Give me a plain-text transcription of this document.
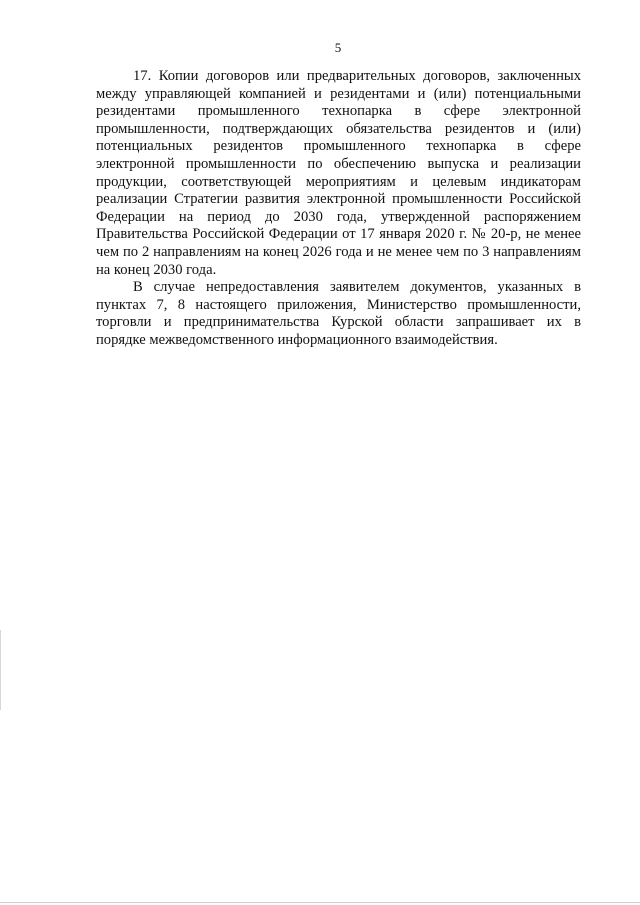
5
17. Копии договоров или предварительных договоров, заключенных
между управляющей компанией и резидентами и (или) потенциальными
резидентами промышленного технопарка в сфере электронной
промышленности, подтверждающих обязательства резидентов и (или)
потенциальных резидентов промышленного технопарка в сфере
электронной промышленности по обеспечению выпуска и реализации
продукции, соответствующей мероприятиям и целевым индикаторам
реализации Стратегии развития электронной промышленности Российской
Федерации на период до 2030 года, утвержденной распоряжением
Правительства Российской Федерации от 17 января 2020 г. № 20-р, не менее
чем по 2 направлениям на конец 2026 года и не менее чем по 3 направлениям
на конец 2030 года.
В случае непредоставления заявителем документов, указанных в
пунктах 7, 8 настоящего приложения, Министерство промышленности,
торговли и предпринимательства Курской области запрашивает их в
порядке межведомственного информационного взаимодействия.
